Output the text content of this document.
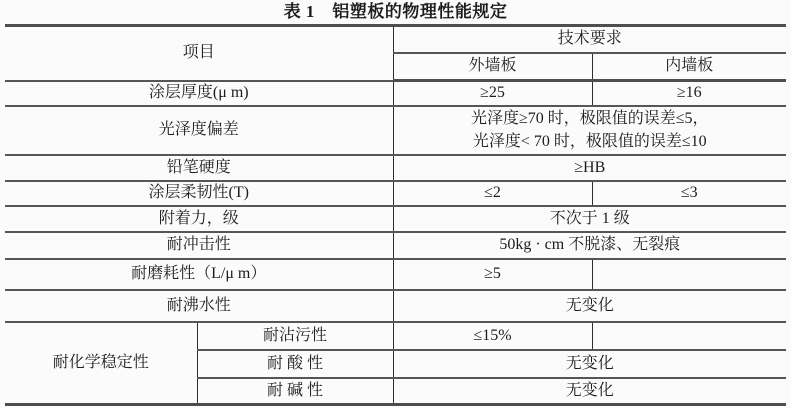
表 1　铝塑板的物理性能规定
项目		技术要求	
		外墙板	内墙板
涂层厚度(μ m)		≥25	≥16
光泽度偏差		光泽度≥70 时，极限值的误差≤5，
光泽度< 70 时，极限值的误差≤10	

铅笔硬度		≥HB	
涂层柔韧性(T)		≤2	≤3
附着力，级		不次于 1 级	
耐冲击性		50kg · cm 不脱漆、无裂痕	
耐磨耗性（L/μ m）		≥5	
耐沸水性		无变化	
耐化学稳定性	耐沾污性	≤15%	
	耐 酸 性	无变化	
	耐 碱 性	无变化	
